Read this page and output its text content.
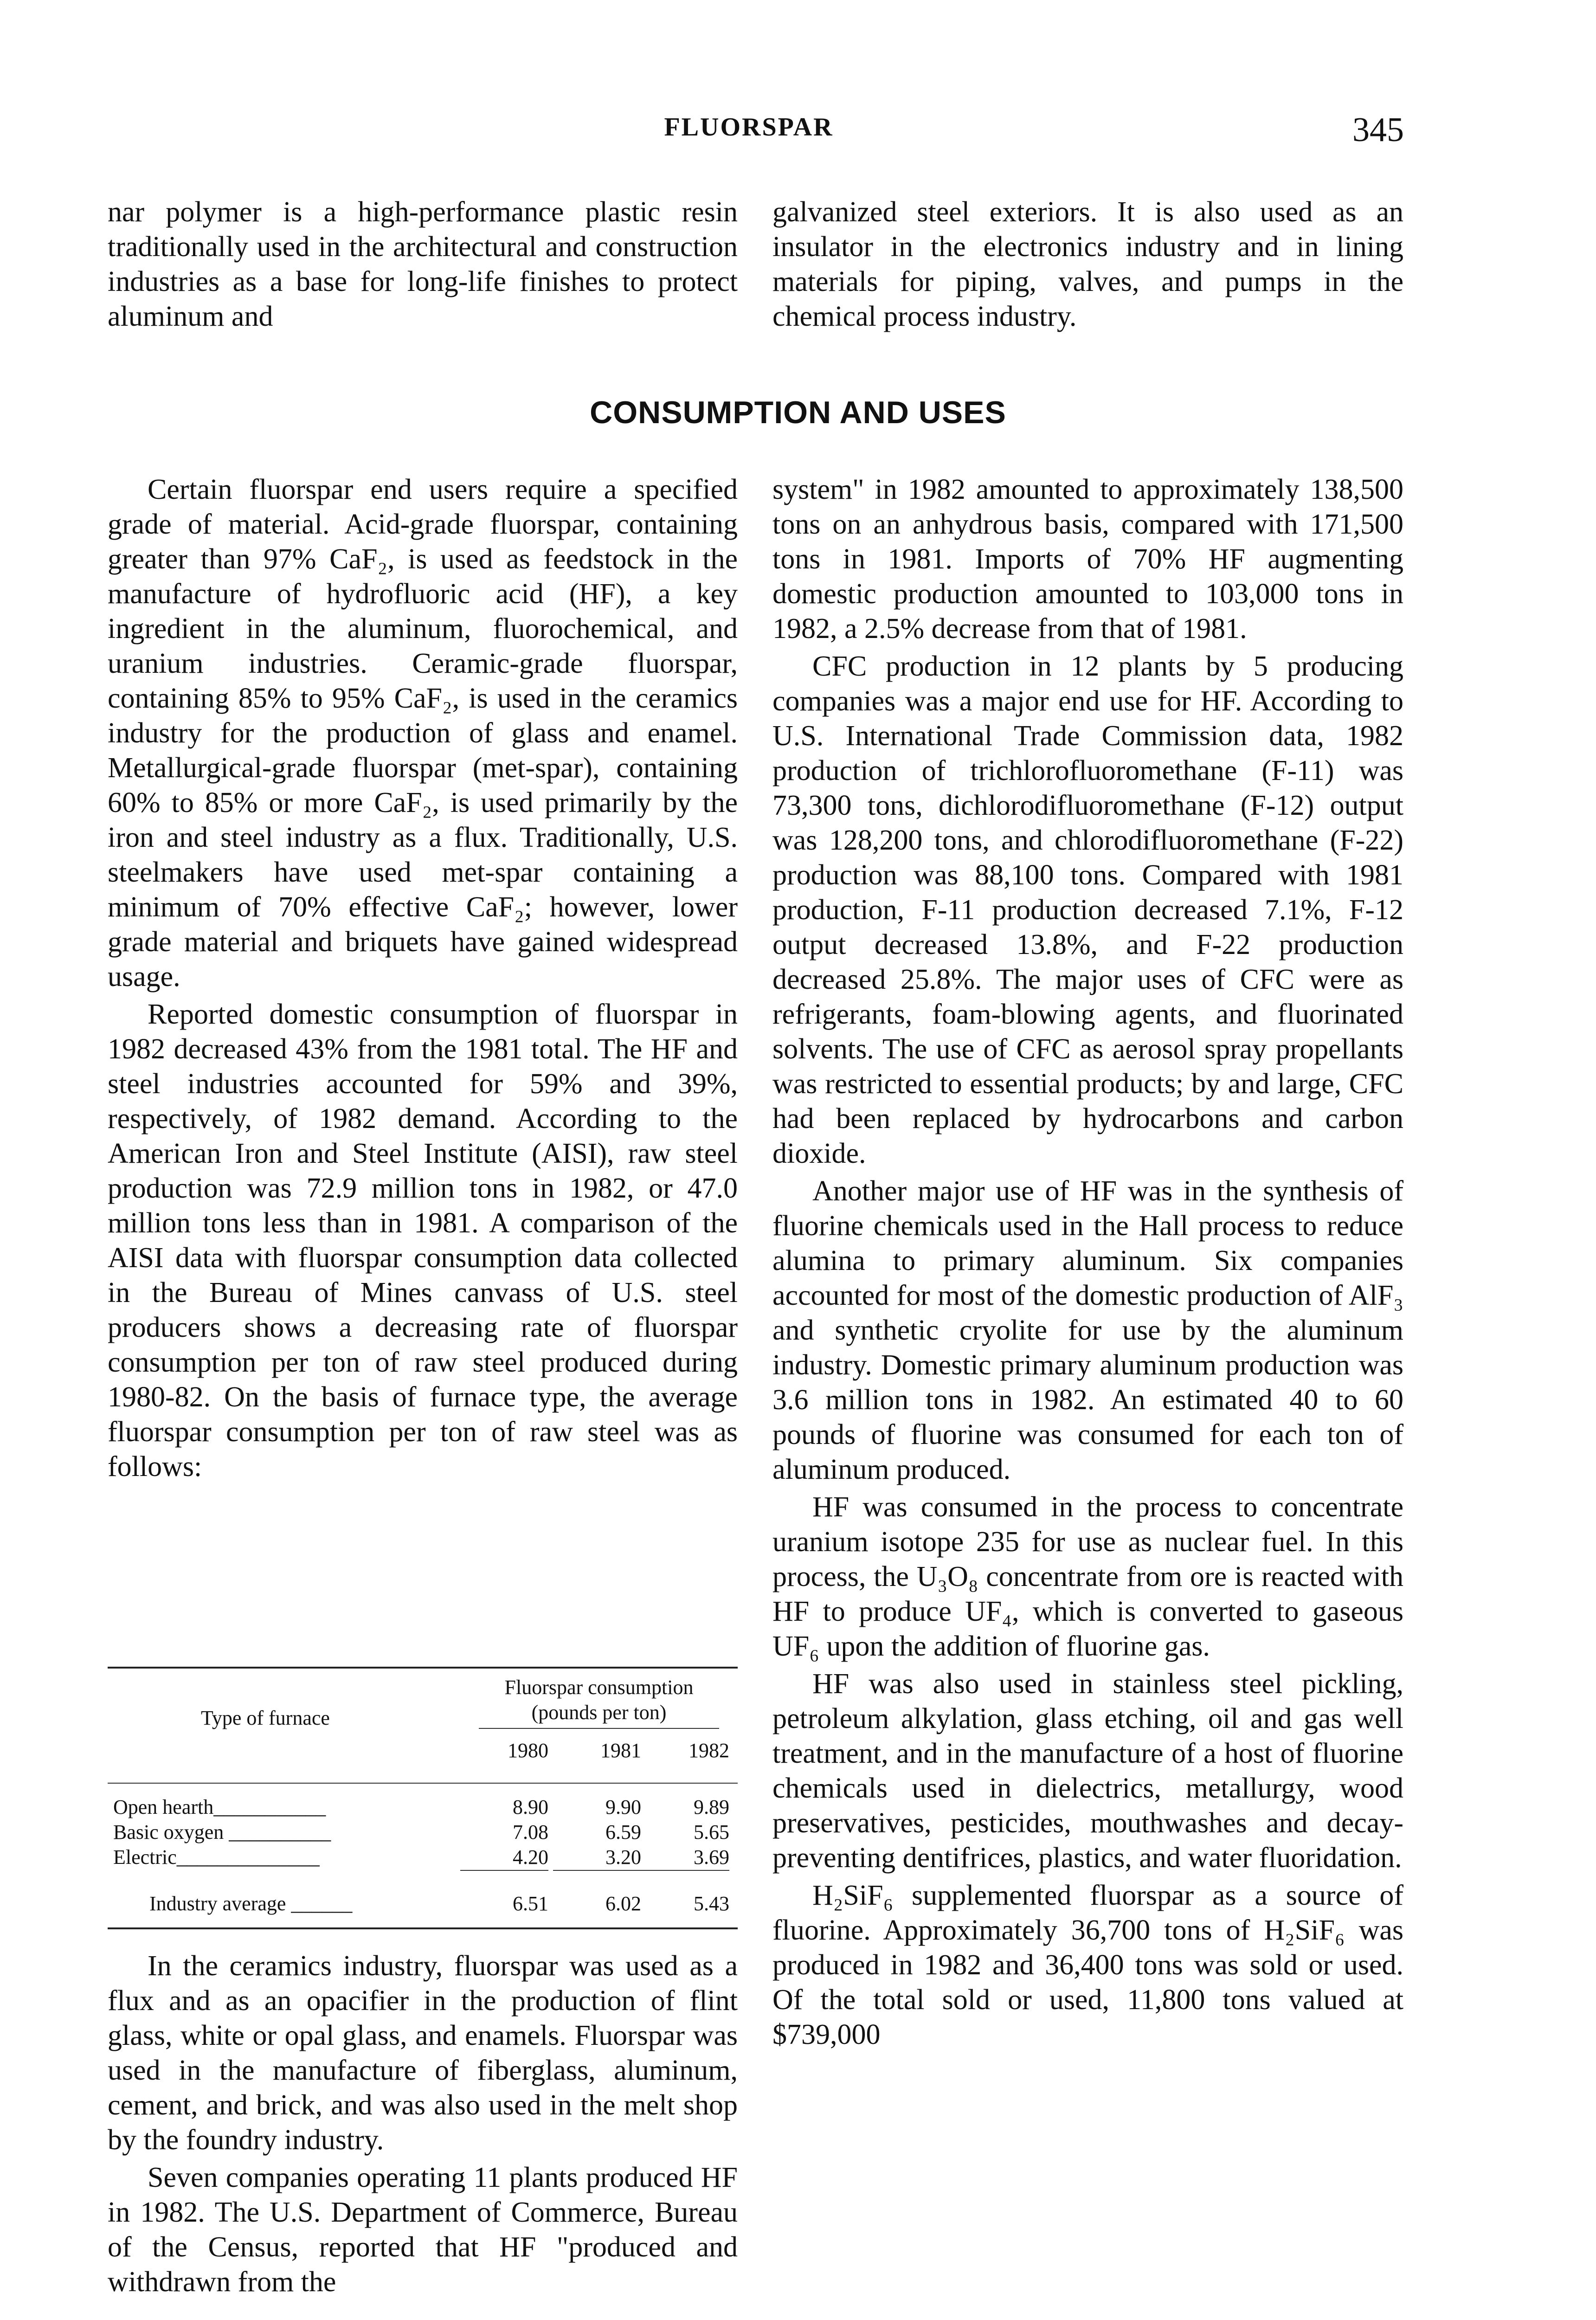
FLUORSPAR	345

nar polymer is a high-performance plastic resin traditionally used in the architectural and construction industries as a base for long-life finishes to protect aluminum and

galvanized steel exteriors. It is also used as an insulator in the electronics industry and in lining materials for piping, valves, and pumps in the chemical process industry.

CONSUMPTION AND USES

Certain fluorspar end users require a specified grade of material. Acid-grade fluorspar, containing greater than 97% CaF₂, is used as feedstock in the manufacture of hydrofluoric acid (HF), a key ingredient in the aluminum, fluorochemical, and uranium industries. Ceramic-grade fluorspar, containing 85% to 95% CaF₂, is used in the ceramics industry for the production of glass and enamel. Metallurgical-grade fluorspar (met-spar), containing 60% to 85% or more CaF₂, is used primarily by the iron and steel industry as a flux. Traditionally, U.S. steelmakers have used met-spar containing a minimum of 70% effective CaF₂; however, lower grade material and briquets have gained widespread usage.

Reported domestic consumption of fluorspar in 1982 decreased 43% from the 1981 total. The HF and steel industries accounted for 59% and 39%, respectively, of 1982 demand. According to the American Iron and Steel Institute (AISI), raw steel production was 72.9 million tons in 1982, or 47.0 million tons less than in 1981. A comparison of the AISI data with fluorspar consumption data collected in the Bureau of Mines canvass of U.S. steel producers shows a decreasing rate of fluorspar consumption per ton of raw steel produced during 1980-82. On the basis of furnace type, the average fluorspar consumption per ton of raw steel was as follows:

Type of furnace
Fluorspar consumption
(pounds per ton)
1980	1981	1982
Open hearth___________	8.90	9.90	9.89
Basic oxygen __________	7.08	6.59	5.65
Electric______________	4.20	3.20	3.69
Industry average ______	6.51	6.02	5.43

In the ceramics industry, fluorspar was used as a flux and as an opacifier in the production of flint glass, white or opal glass, and enamels. Fluorspar was used in the manufacture of fiberglass, aluminum, cement, and brick, and was also used in the melt shop by the foundry industry.

Seven companies operating 11 plants produced HF in 1982. The U.S. Department of Commerce, Bureau of the Census, reported that HF "produced and withdrawn from the

system" in 1982 amounted to approximately 138,500 tons on an anhydrous basis, compared with 171,500 tons in 1981. Imports of 70% HF augmenting domestic production amounted to 103,000 tons in 1982, a 2.5% decrease from that of 1981.

CFC production in 12 plants by 5 producing companies was a major end use for HF. According to U.S. International Trade Commission data, 1982 production of trichlorofluoromethane (F-11) was 73,300 tons, dichlorodifluoromethane (F-12) output was 128,200 tons, and chlorodifluoromethane (F-22) production was 88,100 tons. Compared with 1981 production, F-11 production decreased 7.1%, F-12 output decreased 13.8%, and F-22 production decreased 25.8%. The major uses of CFC were as refrigerants, foam-blowing agents, and fluorinated solvents. The use of CFC as aerosol spray propellants was restricted to essential products; by and large, CFC had been replaced by hydrocarbons and carbon dioxide.

Another major use of HF was in the synthesis of fluorine chemicals used in the Hall process to reduce alumina to primary aluminum. Six companies accounted for most of the domestic production of AlF₃ and synthetic cryolite for use by the aluminum industry. Domestic primary aluminum production was 3.6 million tons in 1982. An estimated 40 to 60 pounds of fluorine was consumed for each ton of aluminum produced.

HF was consumed in the process to concentrate uranium isotope 235 for use as nuclear fuel. In this process, the U₃O₈ concentrate from ore is reacted with HF to produce UF₄, which is converted to gaseous UF₆ upon the addition of fluorine gas.

HF was also used in stainless steel pickling, petroleum alkylation, glass etching, oil and gas well treatment, and in the manufacture of a host of fluorine chemicals used in dielectrics, metallurgy, wood preservatives, pesticides, mouthwashes and decay-preventing dentifrices, plastics, and water fluoridation.

H₂SiF₆ supplemented fluorspar as a source of fluorine. Approximately 36,700 tons of H₂SiF₆ was produced in 1982 and 36,400 tons was sold or used. Of the total sold or used, 11,800 tons valued at $739,000
